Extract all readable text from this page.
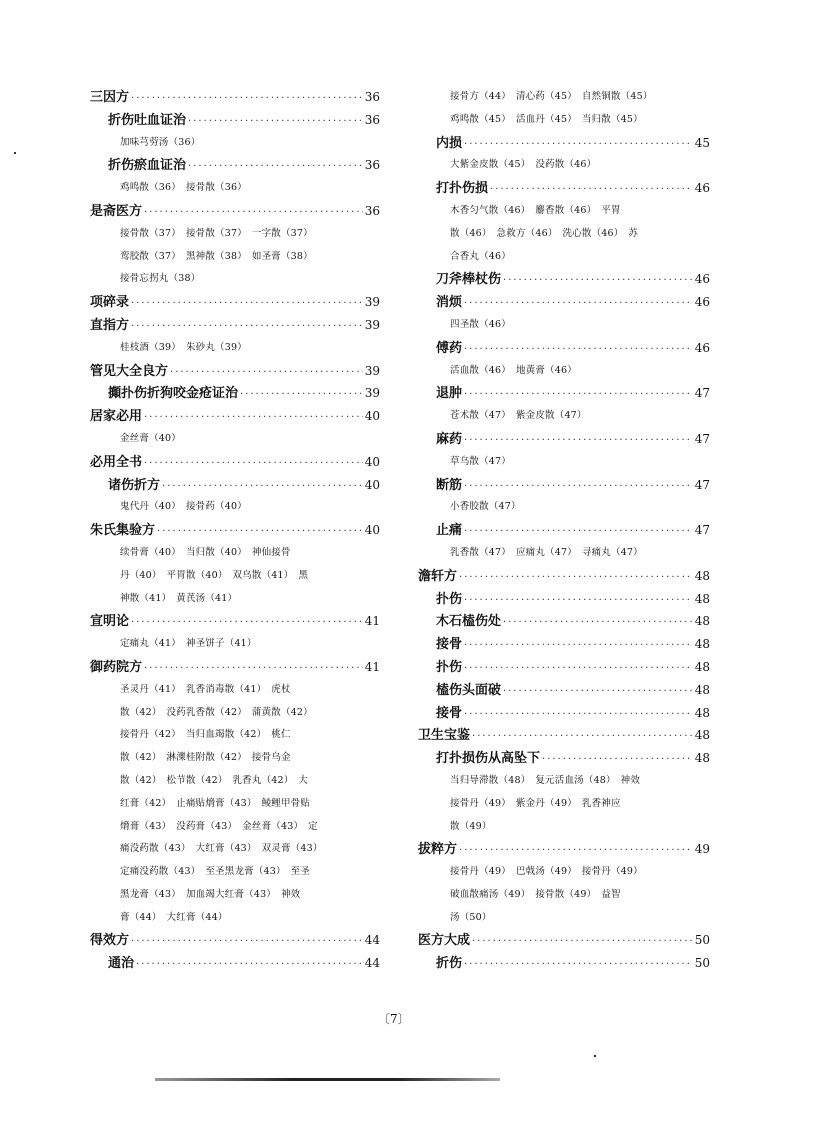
三因方 ·····	36
折伤吐血证治 ·····	36
加味芎䓖汤（36）
折伤瘀血证治 ·····	36
鸡鸣散（36）　接骨散（36）
是斋医方 ·····	36
接骨散（37）　接骨散（37）　一字散（37）
鸾胶散（37）　黑神散（38）　如圣膏（38）
接骨忘拐丸（38）
项碎录 ·····	39
直指方 ·····	39
桂枝酒（39）　朱砂丸（39）
管见大全良方 ·····	39
攧扑伤折狗咬金疮证治 ·····	39
居家必用 ·····	40
金丝膏（40）
必用全书 ·····	40
诸伤折方 ·····	40
鬼代丹（40）　接骨药（40）
朱氏集验方 ·····	40
续骨膏（40）　当归散（40）　神仙接骨
丹（40）　平胃散（40）　双乌散（41）　黑
神散（41）　黄芪汤（41）
宣明论 ·····	41
定痛丸（41）　神圣饼子（41）
御药院方 ·····	41
圣灵丹（41）　乳香消毒散（41）　虎杖
散（42）　没药乳香散（42）　蒲黄散（42）
接骨丹（42）　当归血竭散（42）　桃仁
散（42）　淋濼桂附散（42）　接骨乌金
散（42）　松节散（42）　乳香丸（42）　大
红膏（42）　止痛贴熁膏（43）　鲮鲤甲骨贴
熁膏（43）　没药膏（43）　金丝膏（43）　定
痛没药散（43）　大红膏（43）　双灵膏（43）
定痛没药散（43）　至圣黑龙膏（43）　至圣
黑龙膏（43）　加血竭大红膏（43）　神效
膏（44）　大红膏（44）
得效方 ·····	44
通治 ·····	44
接骨方（44）　清心药（45）　自然铜散（45）
鸡鸣散（45）　活血丹（45）　当归散（45）
内损 ·····	45
大紫金皮散（45）　没药散（46）
打扑伤损 ·····	46
木香匀气散（46）　麝香散（46）　平胃
散（46）　急救方（46）　洗心散（46）　苏
合香丸（46）
刀斧棒杖伤 ·····	46
消烦 ·····	46
四圣散（46）
傅药 ·····	46
活血散（46）　地黄膏（46）
退肿 ·····	47
苍术散（47）　紫金皮散（47）
麻药 ·····	47
草乌散（47）
断筋 ·····	47
小香胶散（47）
止痛 ·····	47
乳香散（47）　应痛丸（47）　寻痛丸（47）
澹轩方 ·····	48
扑伤 ·····	48
木石榼伤处 ·····	48
接骨 ·····	48
扑伤 ·····	48
榼伤头面破 ·····	48
接骨 ·····	48
卫生宝鉴 ·····	48
打扑损伤从高坠下 ·····	48
当归导滞散（48）　复元活血汤（48）　神效
接骨丹（49）　紫金丹（49）　乳香神应
散（49）
拔粹方 ·····	49
接骨丹（49）　巴戟汤（49）　接骨丹（49）
破血散痛汤（49）　接骨散（49）　益智
汤（50）
医方大成 ·····	50
折伤 ·····	50
〔7〕
